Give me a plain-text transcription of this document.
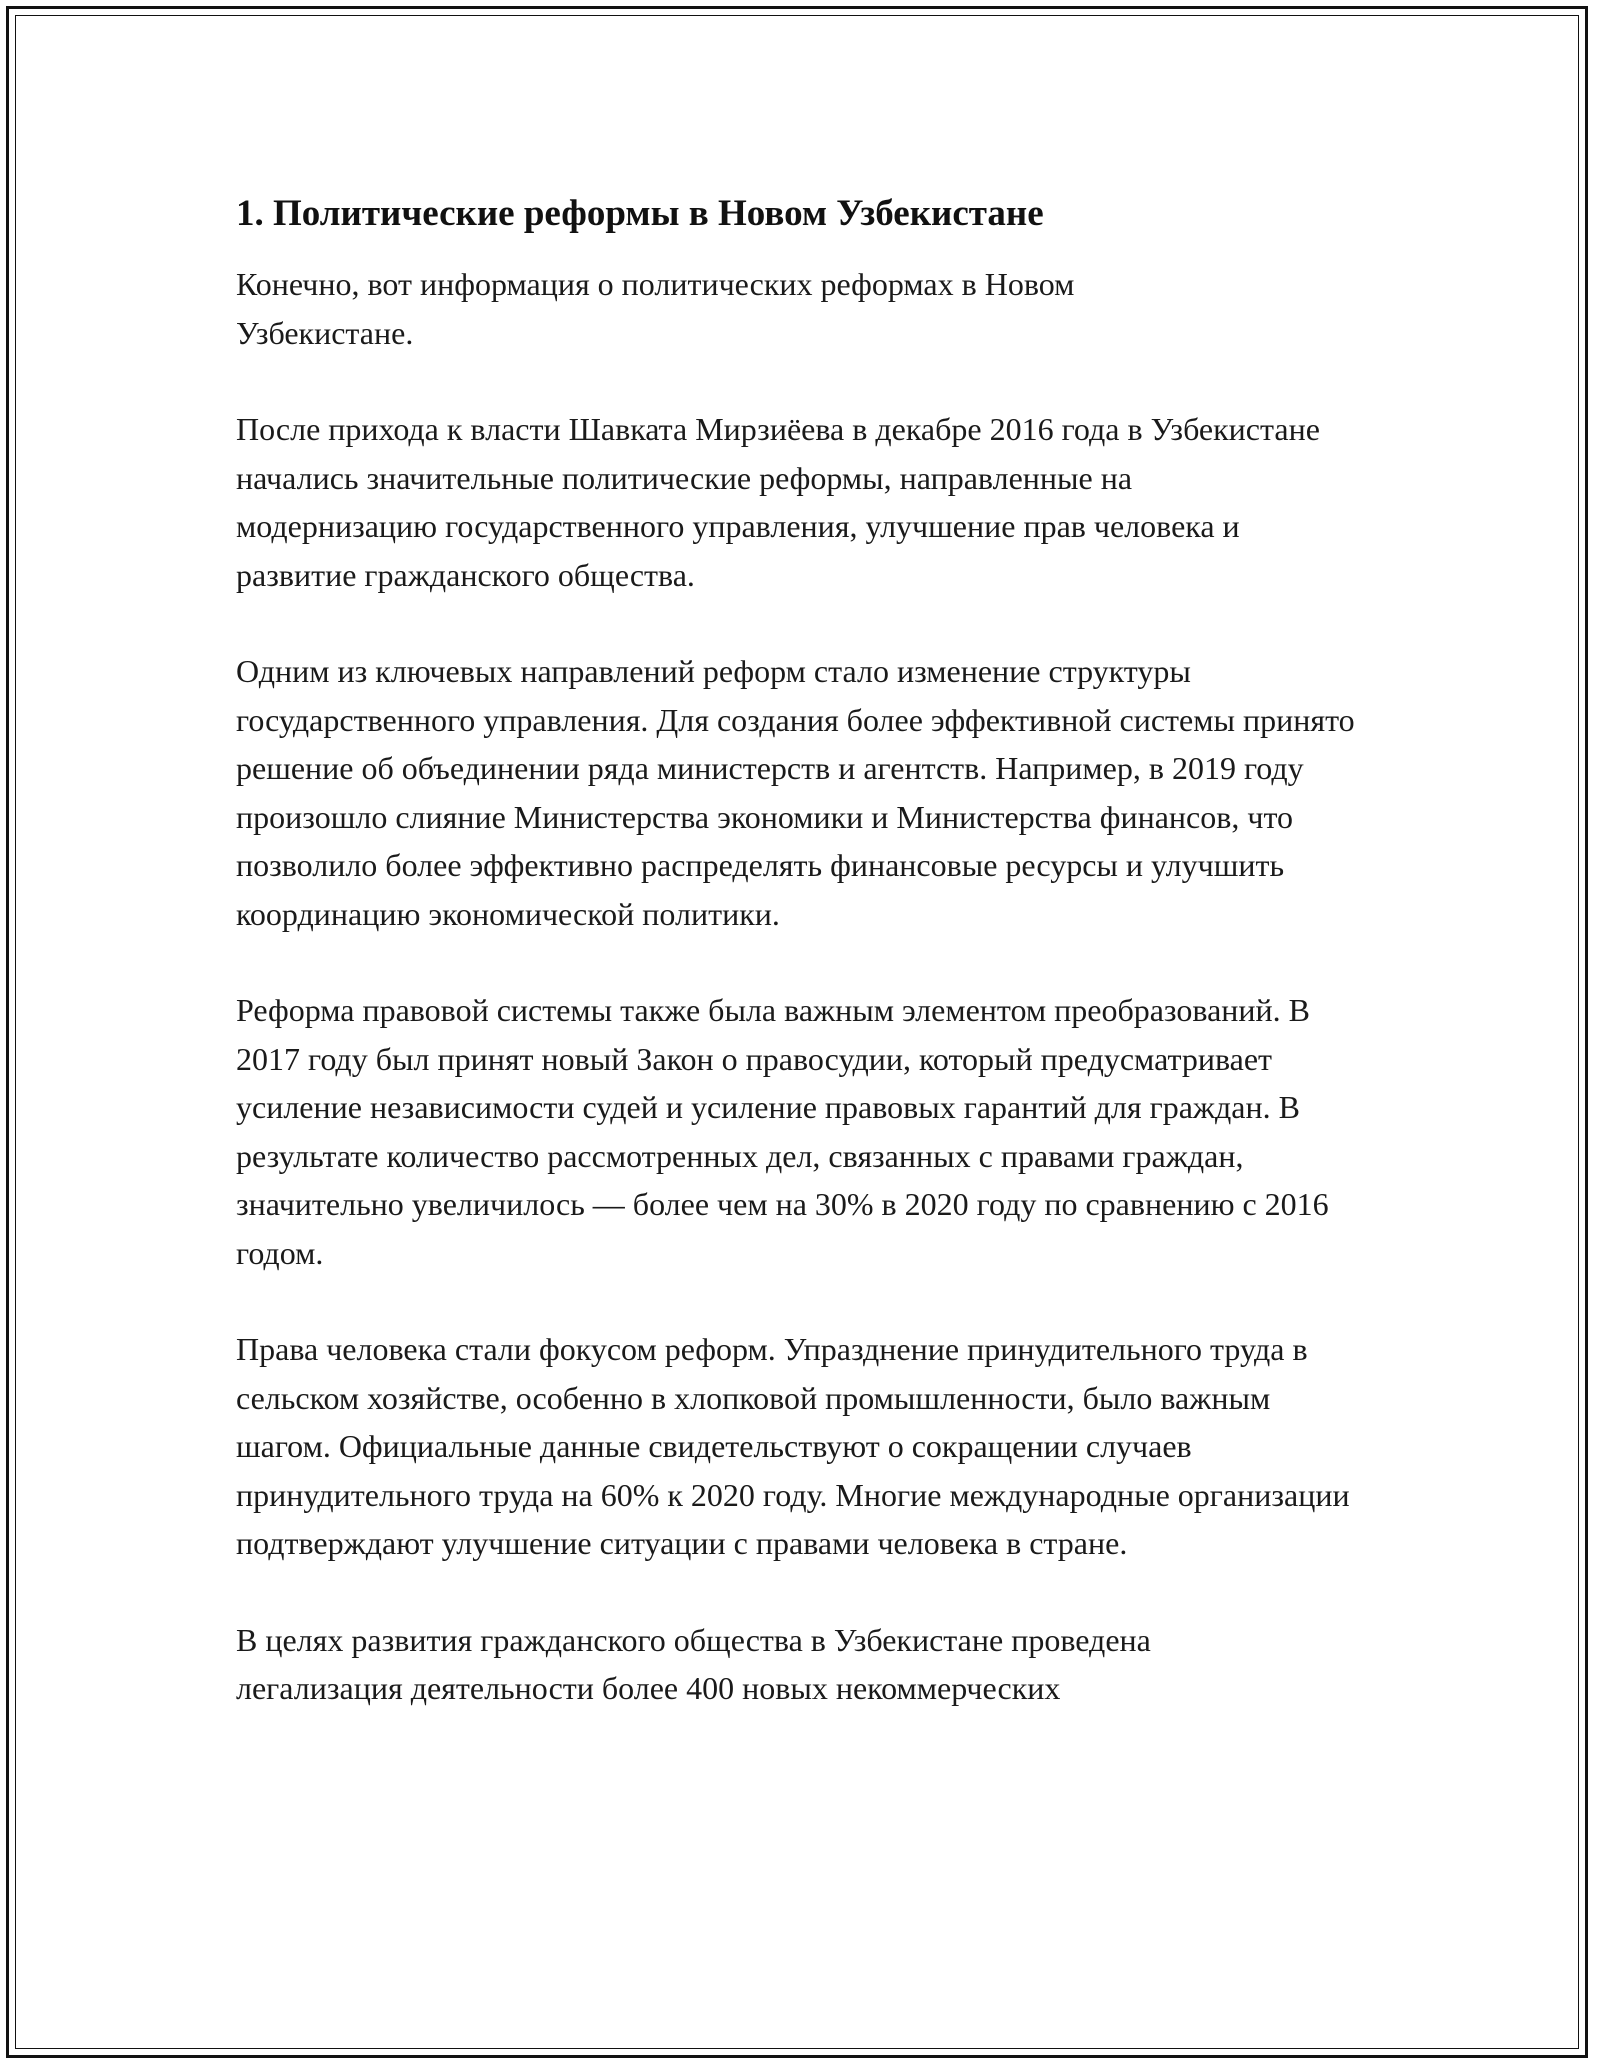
1. Политические реформы в Новом Узбекистане

Конечно, вот информация о политических реформах в Новом Узбекистане.

После прихода к власти Шавката Мирзиёева в декабре 2016 года в Узбекистане начались значительные политические реформы, направленные на модернизацию государственного управления, улучшение прав человека и развитие гражданского общества.

Одним из ключевых направлений реформ стало изменение структуры государственного управления. Для создания более эффективной системы принято решение об объединении ряда министерств и агентств. Например, в 2019 году произошло слияние Министерства экономики и Министерства финансов, что позволило более эффективно распределять финансовые ресурсы и улучшить координацию экономической политики.

Реформа правовой системы также была важным элементом преобразований. В 2017 году был принят новый Закон о правосудии, который предусматривает усиление независимости судей и усиление правовых гарантий для граждан. В результате количество рассмотренных дел, связанных с правами граждан, значительно увеличилось — более чем на 30% в 2020 году по сравнению с 2016 годом.

Права человека стали фокусом реформ. Упразднение принудительного труда в сельском хозяйстве, особенно в хлопковой промышленности, было важным шагом. Официальные данные свидетельствуют о сокращении случаев принудительного труда на 60% к 2020 году. Многие международные организации подтверждают улучшение ситуации с правами человека в стране.

В целях развития гражданского общества в Узбекистане проведена легализация деятельности более 400 новых некоммерческих
